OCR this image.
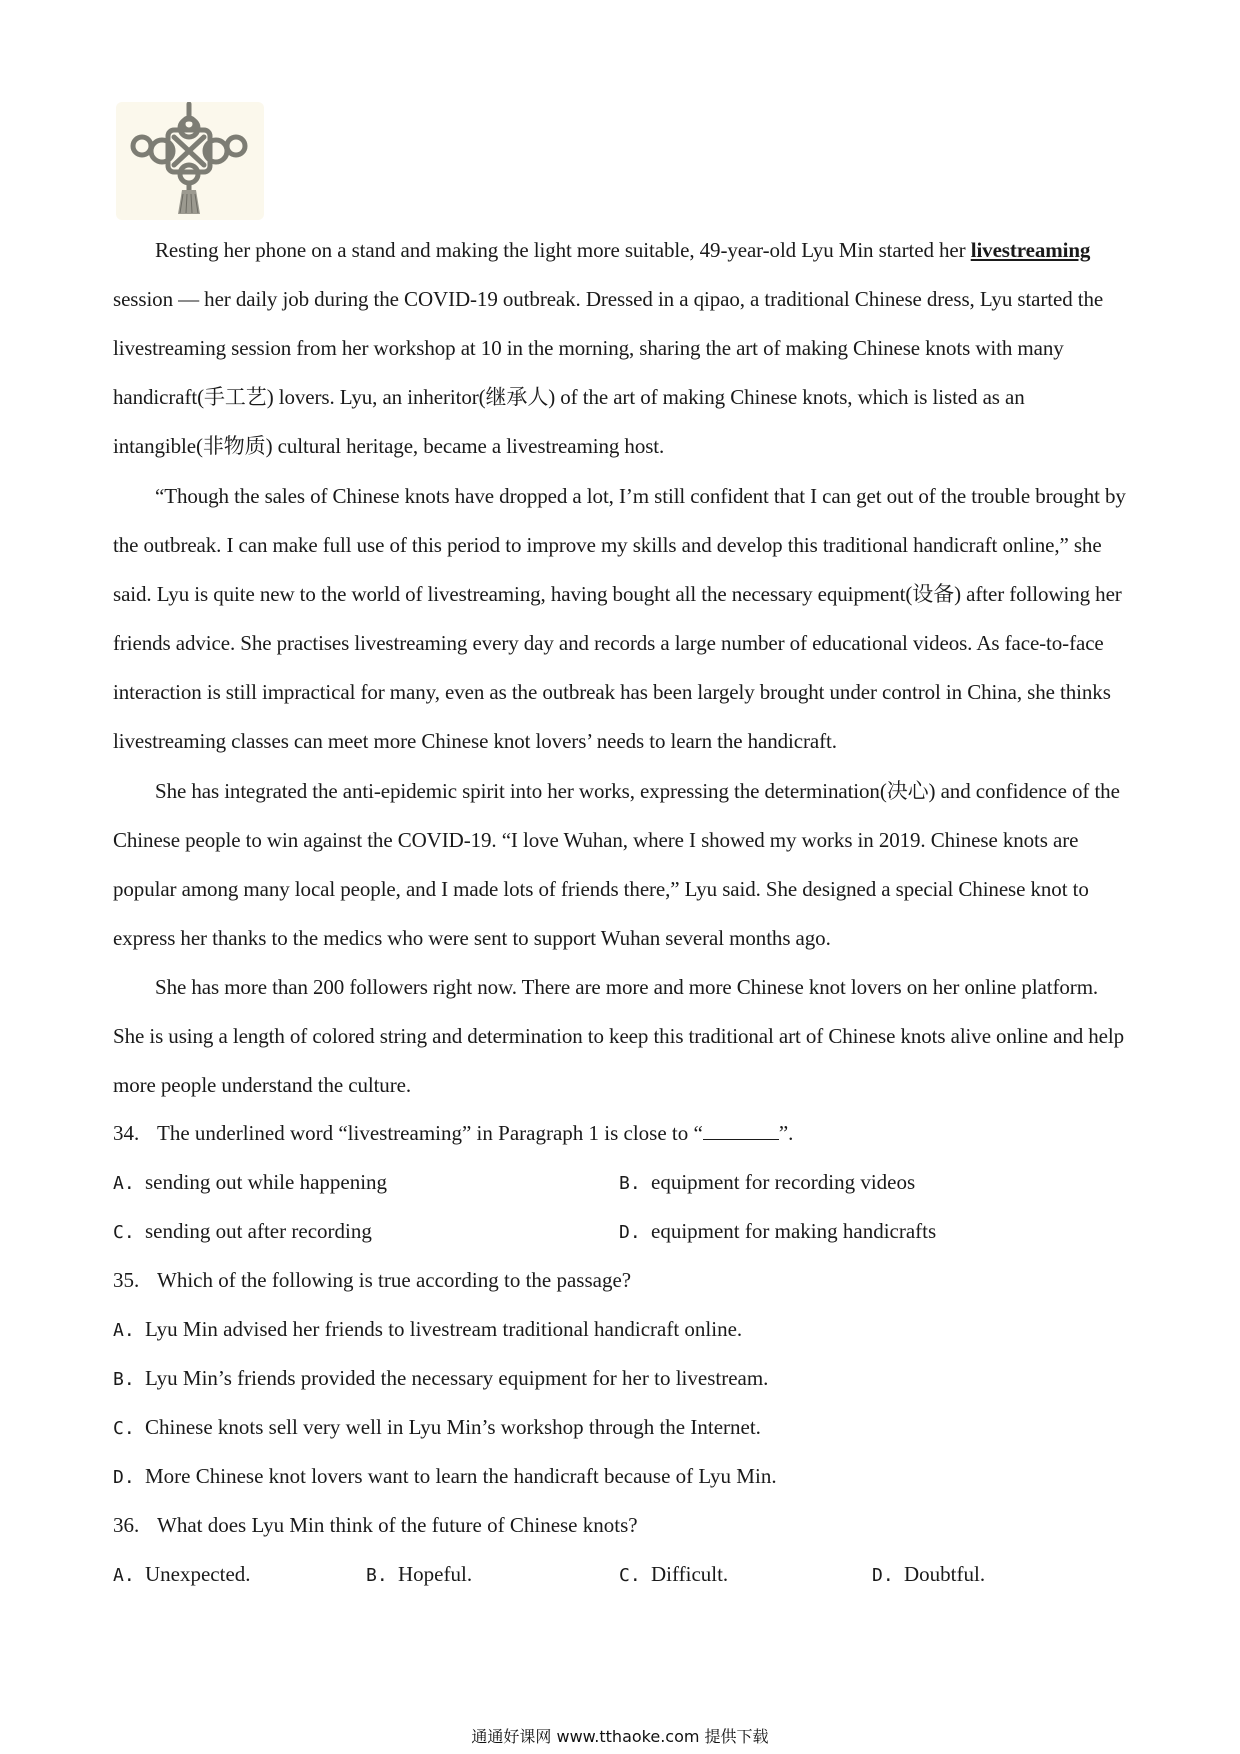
Resting her phone on a stand and making the light more suitable, 49-year-old Lyu Min started her livestreaming session — her daily job during the COVID-19 outbreak. Dressed in a qipao, a traditional Chinese dress, Lyu started the livestreaming session from her workshop at 10 in the morning, sharing the art of making Chinese knots with many handicraft(手工艺) lovers. Lyu, an inheritor(继承人) of the art of making Chinese knots, which is listed as an intangible(非物质) cultural heritage, became a livestreaming host.

“Though the sales of Chinese knots have dropped a lot, I’m still confident that I can get out of the trouble brought by the outbreak. I can make full use of this period to improve my skills and develop this traditional handicraft online,” she said. Lyu is quite new to the world of livestreaming, having bought all the necessary equipment(设备) after following her friends advice. She practises livestreaming every day and records a large number of educational videos. As face-to-face interaction is still impractical for many, even as the outbreak has been largely brought under control in China, she thinks livestreaming classes can meet more Chinese knot lovers’ needs to learn the handicraft.

She has integrated the anti-epidemic spirit into her works, expressing the determination(决心) and confidence of the Chinese people to win against the COVID-19. “I love Wuhan, where I showed my works in 2019. Chinese knots are popular among many local people, and I made lots of friends there,” Lyu said. She designed a special Chinese knot to express her thanks to the medics who were sent to support Wuhan several months ago.

She has more than 200 followers right now. There are more and more Chinese knot lovers on her online platform. She is using a length of colored string and determination to keep this traditional art of Chinese knots alive online and help more people understand the culture.

34. The underlined word “livestreaming” in Paragraph 1 is close to “	”.
A. sending out while happening	B. equipment for recording videos
C. sending out after recording	D. equipment for making handicrafts
35. Which of the following is true according to the passage?
A. Lyu Min advised her friends to livestream traditional handicraft online.
B. Lyu Min’s friends provided the necessary equipment for her to livestream.
C. Chinese knots sell very well in Lyu Min’s workshop through the Internet.
D. More Chinese knot lovers want to learn the handicraft because of Lyu Min.
36. What does Lyu Min think of the future of Chinese knots?
A. Unexpected.	B. Hopeful.	C. Difficult.	D. Doubtful.
通通好课网 www.tthaoke.com 提供下载
